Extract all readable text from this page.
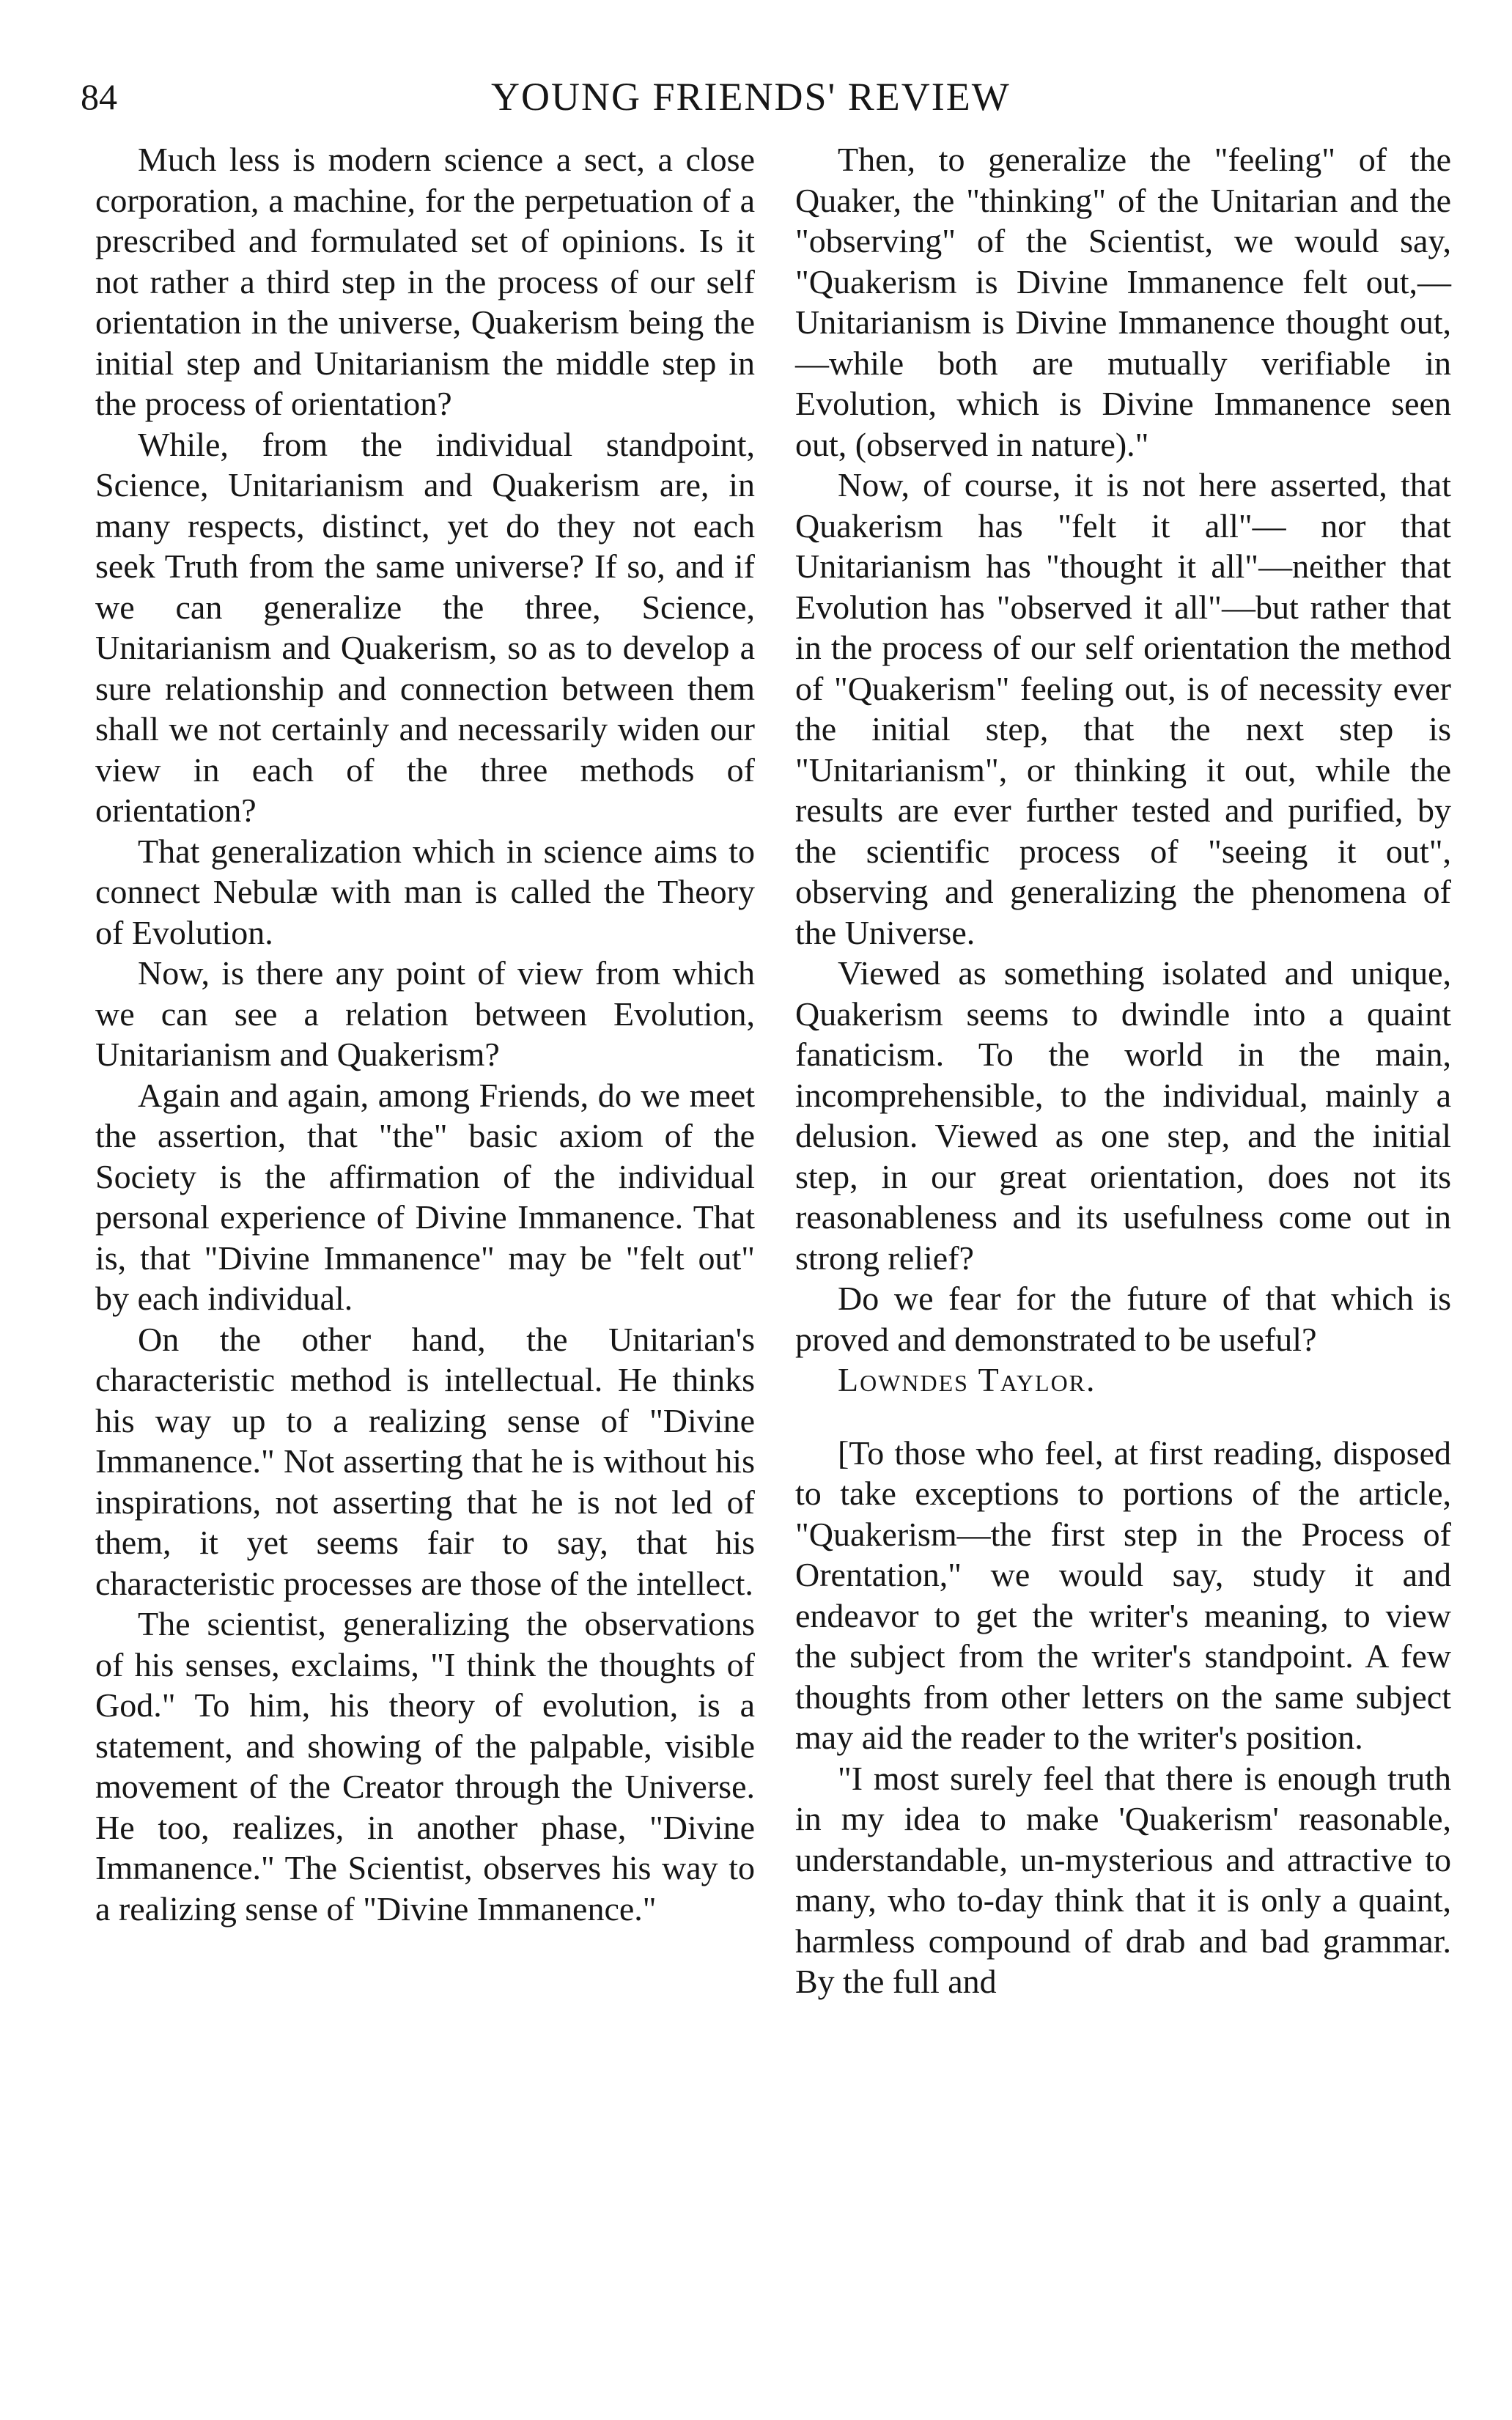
84	YOUNG FRIENDS' REVIEW

Much less is modern science a sect, a close corporation, a machine, for the perpetuation of a prescribed and formulated set of opinions. Is it not rather a third step in the process of our self orientation in the universe, Quakerism being the initial step and Unitarianism the middle step in the process of orientation?

While, from the individual standpoint, Science, Unitarianism and Quakerism are, in many respects, distinct, yet do they not each seek Truth from the same universe? If so, and if we can generalize the three, Science, Unitarianism and Quakerism, so as to develop a sure relationship and connection between them shall we not certainly and necessarily widen our view in each of the three methods of orientation?

That generalization which in science aims to connect Nebulæ with man is called the Theory of Evolution.

Now, is there any point of view from which we can see a relation between Evolution, Unitarianism and Quakerism?

Again and again, among Friends, do we meet the assertion, that "the" basic axiom of the Society is the affirmation of the individual personal experience of Divine Immanence. That is, that "Divine Immanence" may be "felt out" by each individual.

On the other hand, the Unitarian's characteristic method is intellectual. He thinks his way up to a realizing sense of "Divine Immanence." Not asserting that he is without his inspirations, not asserting that he is not led of them, it yet seems fair to say, that his characteristic processes are those of the intellect.

The scientist, generalizing the observations of his senses, exclaims, "I think the thoughts of God." To him, his theory of evolution, is a statement, and showing of the palpable, visible movement of the Creator through the Universe. He too, realizes, in another phase, "Divine Immanence." The Scientist, observes his way to a realizing sense of "Divine Immanence."

Then, to generalize the "feeling" of the Quaker, the "thinking" of the Unitarian and the "observing" of the Scientist, we would say, "Quakerism is Divine Immanence felt out,—Unitarianism is Divine Immanence thought out,—while both are mutually verifiable in Evolution, which is Divine Immanence seen out, (observed in nature)."

Now, of course, it is not here asserted, that Quakerism has "felt it all"— nor that Unitarianism has "thought it all"—neither that Evolution has "observed it all"—but rather that in the process of our self orientation the method of "Quakerism" feeling out, is of necessity ever the initial step, that the next step is "Unitarianism", or thinking it out, while the results are ever further tested and purified, by the scientific process of "seeing it out", observing and generalizing the phenomena of the Universe.

Viewed as something isolated and unique, Quakerism seems to dwindle into a quaint fanaticism. To the world in the main, incomprehensible, to the individual, mainly a delusion. Viewed as one step, and the initial step, in our great orientation, does not its reasonableness and its usefulness come out in strong relief?

Do we fear for the future of that which is proved and demonstrated to be useful?

Lowndes Taylor.

[To those who feel, at first reading, disposed to take exceptions to portions of the article, "Quakerism—the first step in the Process of Orentation," we would say, study it and endeavor to get the writer's meaning, to view the subject from the writer's standpoint. A few thoughts from other letters on the same subject may aid the reader to the writer's position.

"I most surely feel that there is enough truth in my idea to make 'Quakerism' reasonable, understandable, un-mysterious and attractive to many, who to-day think that it is only a quaint, harmless compound of drab and bad grammar. By the full and
